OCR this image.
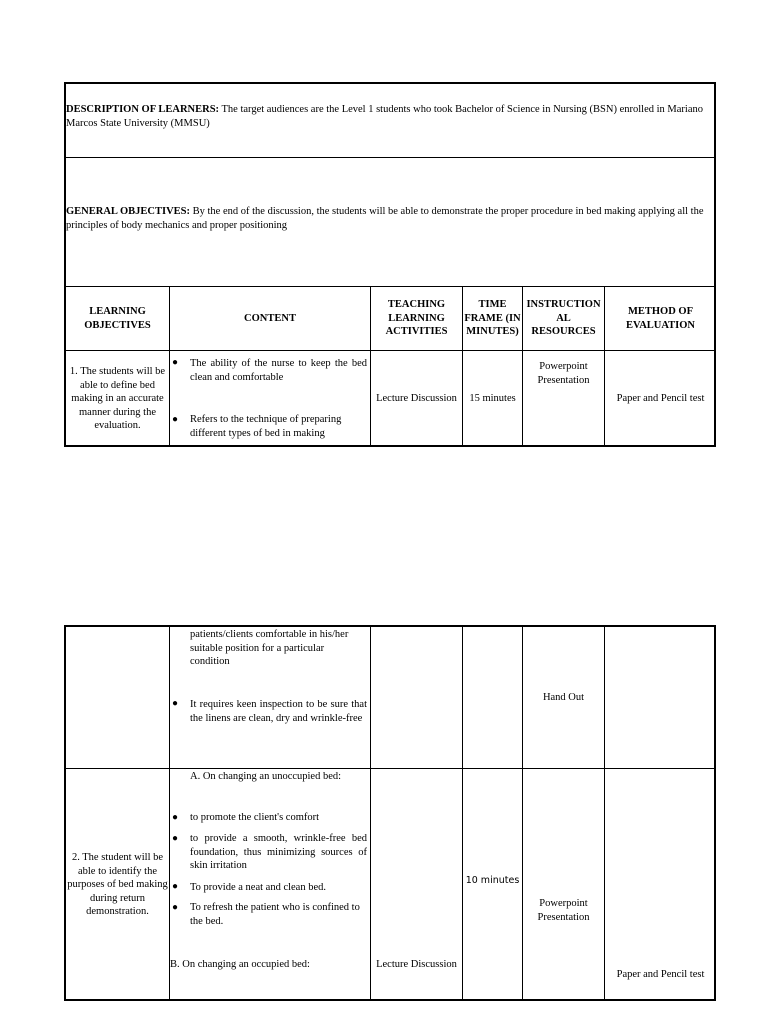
DESCRIPTION OF LEARNERS: The target audiences are the Level 1 students who took Bachelor of Science in Nursing (BSN) enrolled in Mariano Marcos State University (MMSU)
GENERAL OBJECTIVES: By the end of the discussion, the students will be able to demonstrate the proper procedure in bed making applying all the principles of body mechanics and proper positioning
LEARNING OBJECTIVES
CONTENT
TEACHING LEARNING ACTIVITIES
TIME FRAME (IN MINUTES)
INSTRUCTION AL RESOURCES
METHOD OF EVALUATION
1. The students will be able to define bed making in an accurate manner during the evaluation.
● The ability of the nurse to keep the bed clean and comfortable
● Refers to the technique of preparing different types of bed in making
Lecture Discussion	15 minutes
Powerpoint Presentation
Paper and Pencil test
patients/clients comfortable in his/her suitable position for a particular condition
● It requires keen inspection to be sure that the linens are clean, dry and wrinkle-free
Hand Out
2. The student will be able to identify the purposes of bed making during return demonstration.
A. On changing an unoccupied bed:
● to promote the client's comfort
● to provide a smooth, wrinkle-free bed foundation, thus minimizing sources of skin irritation
● To provide a neat and clean bed.
● To refresh the patient who is confined to the bed.
B. On changing an occupied bed:	Lecture Discussion
10 minutes
Powerpoint Presentation
Paper and Pencil test
